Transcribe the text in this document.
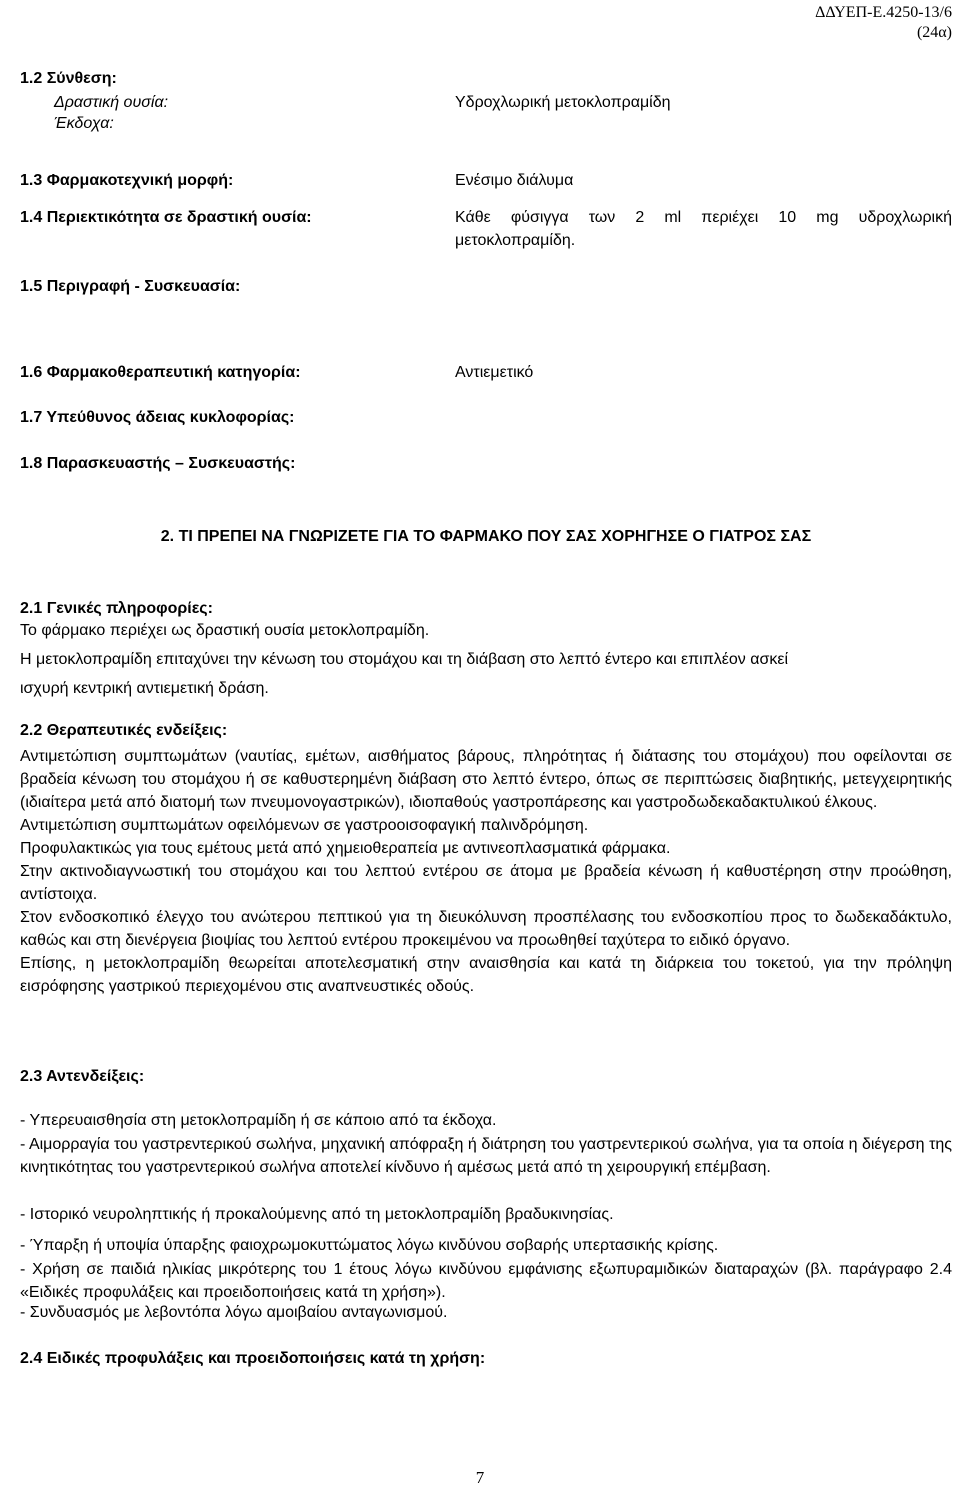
ΔΔΥΕΠ-Ε.4250-13/6
(24α)
1.2 Σύνθεση:
Δραστική ουσία:	Υδροχλωρική μετοκλοπραμίδη
Έκδοχα:
1.3 Φαρμακοτεχνική μορφή:	Ενέσιμο διάλυμα
1.4 Περιεκτικότητα σε δραστική ουσία:	Κάθε φύσιγγα των 2 ml περιέχει 10 mg υδροχλωρική
μετοκλοπραμίδη.
1.5 Περιγραφή - Συσκευασία:
1.6 Φαρμακοθεραπευτική κατηγορία:	Αντιεμετικό
1.7 Υπεύθυνος άδειας κυκλοφορίας:
1.8 Παρασκευαστής – Συσκευαστής:
2. ΤΙ ΠΡΕΠΕΙ ΝΑ ΓΝΩΡΙΖΕΤΕ ΓΙΑ ΤΟ ΦΑΡΜΑΚΟ ΠΟΥ ΣΑΣ ΧΟΡΗΓΗΣΕ Ο ΓΙΑΤΡΟΣ ΣΑΣ
2.1 Γενικές πληροφορίες:
Το φάρμακο περιέχει ως δραστική ουσία μετοκλοπραμίδη.
Η μετοκλοπραμίδη επιταχύνει την κένωση του στομάχου και τη διάβαση στο λεπτό έντερο και επιπλέον ασκεί
ισχυρή κεντρική αντιεμετική δράση.
2.2 Θεραπευτικές ενδείξεις:

Αντιμετώπιση συμπτωμάτων (ναυτίας, εμέτων, αισθήματος βάρους, πληρότητας ή διάτασης του στομάχου) που οφείλονται σε βραδεία κένωση του στομάχου ή σε καθυστερημένη διάβαση στο λεπτό έντερο, όπως σε περιπτώσεις διαβητικής, μετεγχειρητικής (ιδιαίτερα μετά από διατομή των πνευμονογαστρικών), ιδιοπαθούς γαστροπάρεσης και γαστροδωδεκαδακτυλικού έλκους.

Αντιμετώπιση συμπτωμάτων οφειλόμενων σε γαστροοισοφαγική παλινδρόμηση.

Προφυλακτικώς για τους εμέτους μετά από χημειοθεραπεία με αντινεοπλασματικά φάρμακα.

Στην ακτινοδιαγνωστική του στομάχου και του λεπτού εντέρου σε άτομα με βραδεία κένωση ή καθυστέρηση στην προώθηση, αντίστοιχα.

Στον ενδοσκοπικό έλεγχο του ανώτερου πεπτικού για τη διευκόλυνση προσπέλασης του ενδοσκοπίου προς το δωδεκαδάκτυλο, καθώς και στη διενέργεια βιοψίας του λεπτού εντέρου προκειμένου να προωθηθεί ταχύτερα το ειδικό όργανο.

Επίσης, η μετοκλοπραμίδη θεωρείται αποτελεσματική στην αναισθησία και κατά τη διάρκεια του τοκετού, για την πρόληψη εισρόφησης γαστρικού περιεχομένου στις αναπνευστικές οδούς.

2.3 Αντενδείξεις:
- Υπερευαισθησία στη μετοκλοπραμίδη ή σε κάποιο από τα έκδοχα.

- Αιμορραγία του γαστρεντερικού σωλήνα, μηχανική απόφραξη ή διάτρηση του γαστρεντερικού σωλήνα, για τα οποία η διέγερση της κινητικότητας του γαστρεντερικού σωλήνα αποτελεί κίνδυνο ή αμέσως μετά από τη χειρουργική επέμβαση.

- Ιστορικό νευροληπτικής ή προκαλούμενης από τη μετοκλοπραμίδη βραδυκινησίας.
- Ύπαρξη ή υποψία ύπαρξης φαιοχρωμοκυττώματος λόγω κινδύνου σοβαρής υπερτασικής κρίσης.

- Χρήση σε παιδιά ηλικίας μικρότερης του 1 έτους λόγω κινδύνου εμφάνισης εξωπυραμιδικών διαταραχών (βλ. παράγραφο 2.4 «Ειδικές προφυλάξεις και προειδοποιήσεις κατά τη χρήση»).

- Συνδυασμός με λεβοντόπα λόγω αμοιβαίου ανταγωνισμού.
2.4 Ειδικές προφυλάξεις και προειδοποιήσεις κατά τη χρήση:
7
